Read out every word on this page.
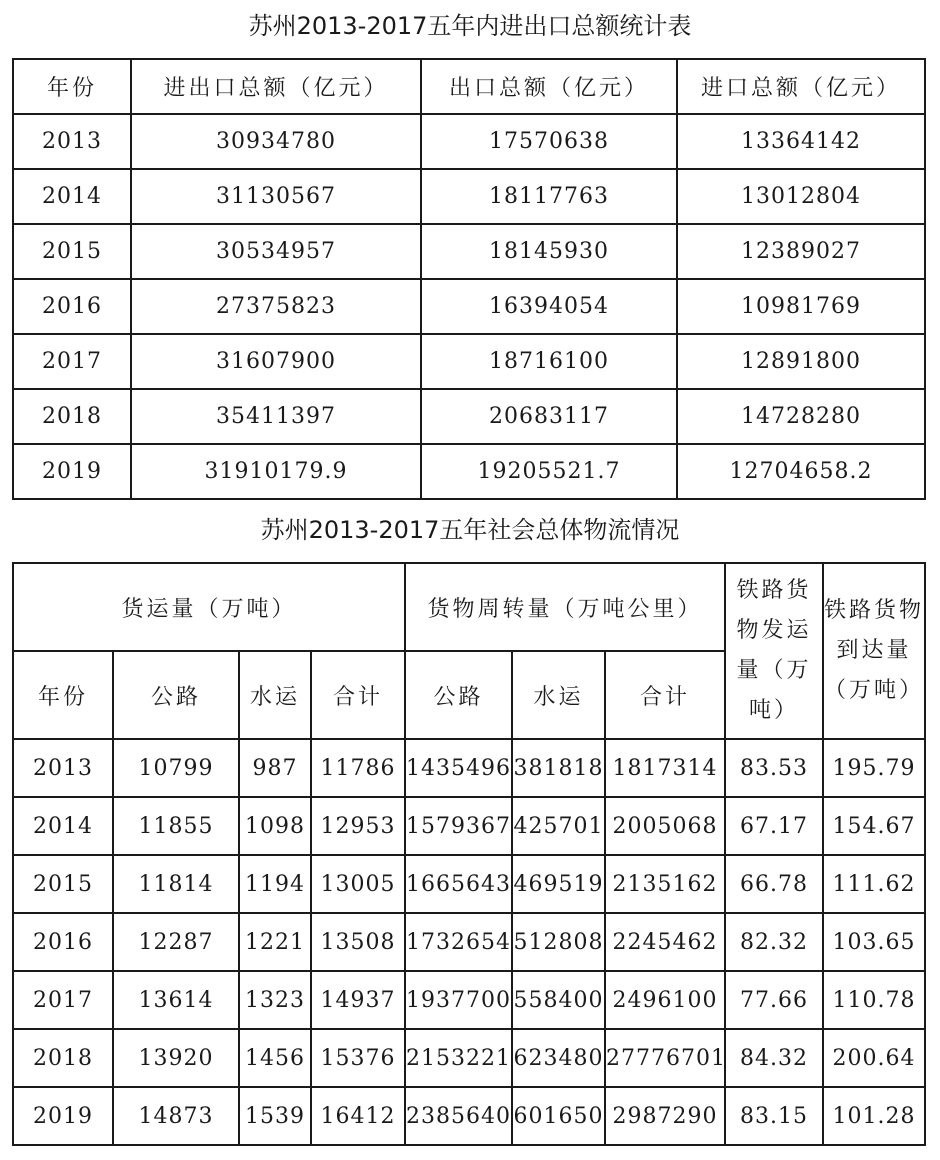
苏州2013-2017五年内进出口总额统计表
年份	进出口总额（亿元）	出口总额（亿元）	进口总额（亿元）
2013	30934780	17570638	13364142
2014	31130567	18117763	13012804
2015	30534957	18145930	12389027
2016	27375823	16394054	10981769
2017	31607900	18716100	12891800
2018	35411397	20683117	14728280
2019	31910179.9	19205521.7	12704658.2
苏州2013-2017五年社会总体物流情况
货运量（万吨）				货物周转量（万吨公里）			铁路货物发运量（万吨）	铁路货物到达量（万吨）
年份	公路	水运	合计	公路	水运	合计		
2013	10799	987	11786	1435496	381818	1817314	83.53	195.79
2014	11855	1098	12953	1579367	425701	2005068	67.17	154.67
2015	11814	1194	13005	1665643	469519	2135162	66.78	111.62
2016	12287	1221	13508	1732654	512808	2245462	82.32	103.65
2017	13614	1323	14937	1937700	558400	2496100	77.66	110.78
2018	13920	1456	15376	2153221	623480	27776701	84.32	200.64
2019	14873	1539	16412	2385640	601650	2987290	83.15	101.28
